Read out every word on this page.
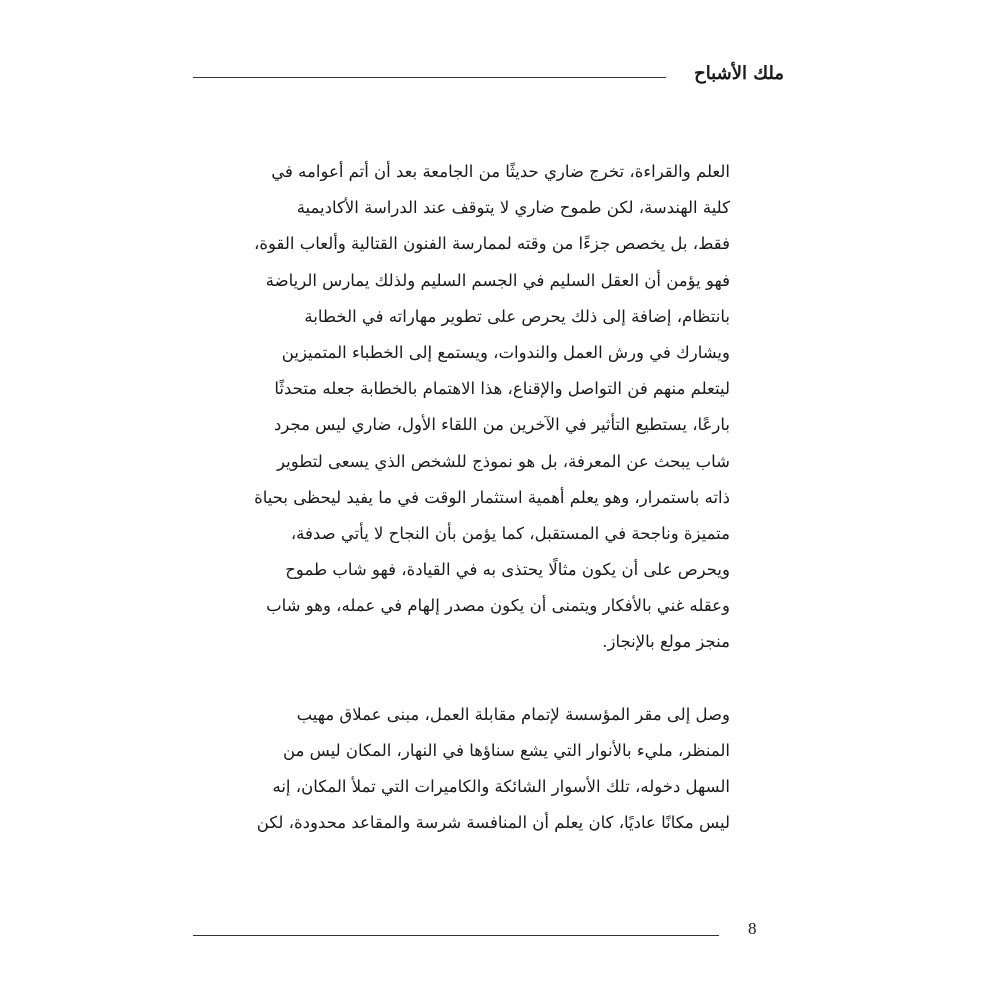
ملك الأشباح
العلم والقراءة، تخرج ضاري حديثًا من الجامعة بعد أن أتم أعوامه في
كلية الهندسة، لكن طموح ضاري لا يتوقف عند الدراسة الأكاديمية
فقط، بل يخصص جزءًا من وقته لممارسة الفنون القتالية وألعاب القوة،
فهو يؤمن أن العقل السليم في الجسم السليم ولذلك يمارس الرياضة
بانتظام، إضافة إلى ذلك يحرص على تطوير مهاراته في الخطابة
ويشارك في ورش العمل والندوات، ويستمع إلى الخطباء المتميزين
ليتعلم منهم فن التواصل والإقناع، هذا الاهتمام بالخطابة جعله متحدثًا
بارعًا، يستطيع التأثير في الآخرين من اللقاء الأول، ضاري ليس مجرد
شاب يبحث عن المعرفة، بل هو نموذج للشخص الذي يسعى لتطوير
ذاته باستمرار، وهو يعلم أهمية استثمار الوقت في ما يفيد ليحظى بحياة
متميزة وناجحة في المستقبل، كما يؤمن بأن النجاح لا يأتي صدفة،
ويحرص على أن يكون مثالًا يحتذى به في القيادة، فهو شاب طموح
وعقله غني بالأفكار ويتمنى أن يكون مصدر إلهام في عمله، وهو شاب
منجز مولع بالإنجاز.
وصل إلى مقر المؤسسة لإتمام مقابلة العمل، مبنى عملاق مهيب
المنظر، مليء بالأنوار التي يشع سناؤها في النهار، المكان ليس من
السهل دخوله، تلك الأسوار الشائكة والكاميرات التي تملأ المكان، إنه
ليس مكانًا عاديًا، كان يعلم أن المنافسة شرسة والمقاعد محدودة، لكن
8
